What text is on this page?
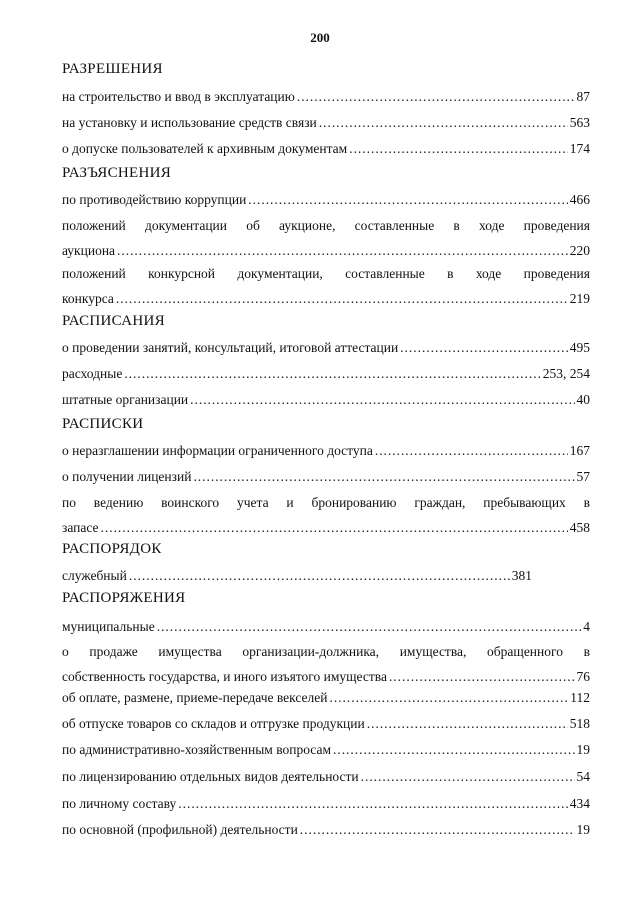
200
РАЗРЕШЕНИЯ
на строительство и ввод в эксплуатацию . . .	87
на установку и использование средств связи . . .	563
о допуске пользователей к архивным документам . . .	174
РАЗЪЯСНЕНИЯ
по противодействию коррупции . . .	466
положений документации об аукционе, составленные в ходе проведения
аукциона . . .	220
положений конкурсной документации, составленные в ходе проведения
конкурса . . .	219
РАСПИСАНИЯ
о проведении занятий, консультаций, итоговой аттестации . . .	495
расходные . . .	253, 254
штатные организации . . .	40
РАСПИСКИ
о неразглашении информации ограниченного доступа . . .	167
о получении лицензий . . .	57
по ведению воинского учета и бронированию граждан, пребывающих в
запасе . . .	458
РАСПОРЯДОК
служебный . . .	381
РАСПОРЯЖЕНИЯ
муниципальные . . .	4
о продаже имущества организации-должника, имущества, обращенного в
собственность государства, и иного изъятого имущества . . .	76
об оплате, размене, приеме-передаче векселей . . .	112
об отпуске товаров со складов и отгрузке продукции . . .	518
по административно-хозяйственным вопросам . . .	19
по лицензированию отдельных видов деятельности . . .	54
по личному составу . . .	434
по основной (профильной) деятельности . . .	19
